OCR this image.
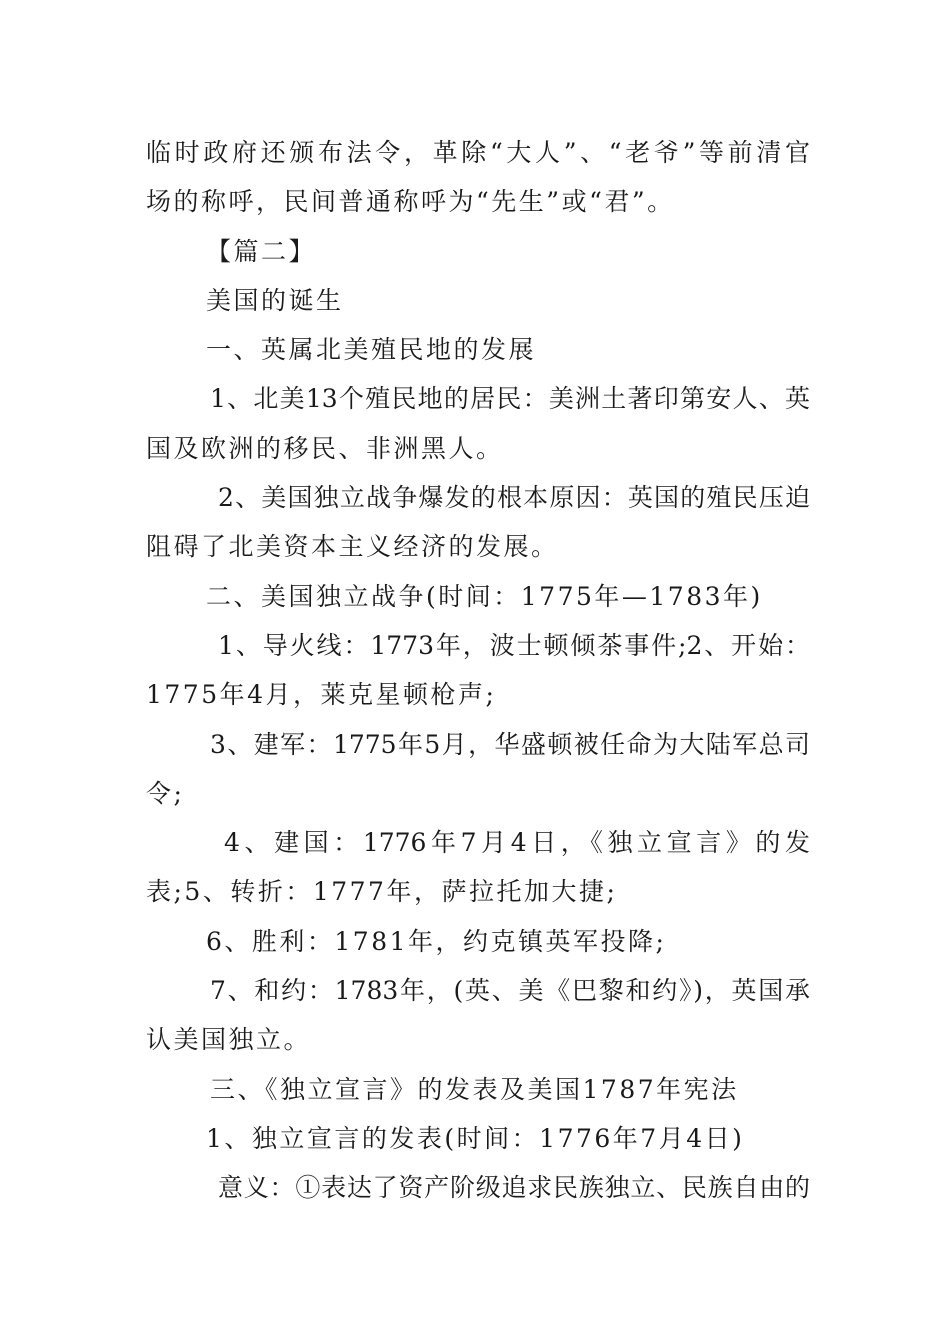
临时政府还颁布法令，革除“大人”、“老爷”等前清官
场的称呼，民间普通称呼为“先生”或“君”。
【篇二】
美国的诞生
一、英属北美殖民地的发展
1、北美13个殖民地的居民：美洲土著印第安人、英
国及欧洲的移民、非洲黑人。
2、美国独立战争爆发的根本原因：英国的殖民压迫
阻碍了北美资本主义经济的发展。
二、美国独立战争(时间：1775年—1783年)
1、导火线：1773年，波士顿倾茶事件;2、开始：
1775年4月，莱克星顿枪声;
3、建军：1775年5月，华盛顿被任命为大陆军总司
令;
4、建国：1776年7月4日，《独立宣言》的发
表;5、转折：1777年，萨拉托加大捷;
6、胜利：1781年，约克镇英军投降;
7、和约：1783年，(英、美《巴黎和约》)，英国承
认美国独立。
三、《独立宣言》的发表及美国1787年宪法
1、独立宣言的发表(时间：1776年7月4日)
意义：①表达了资产阶级追求民族独立、民族自由的
